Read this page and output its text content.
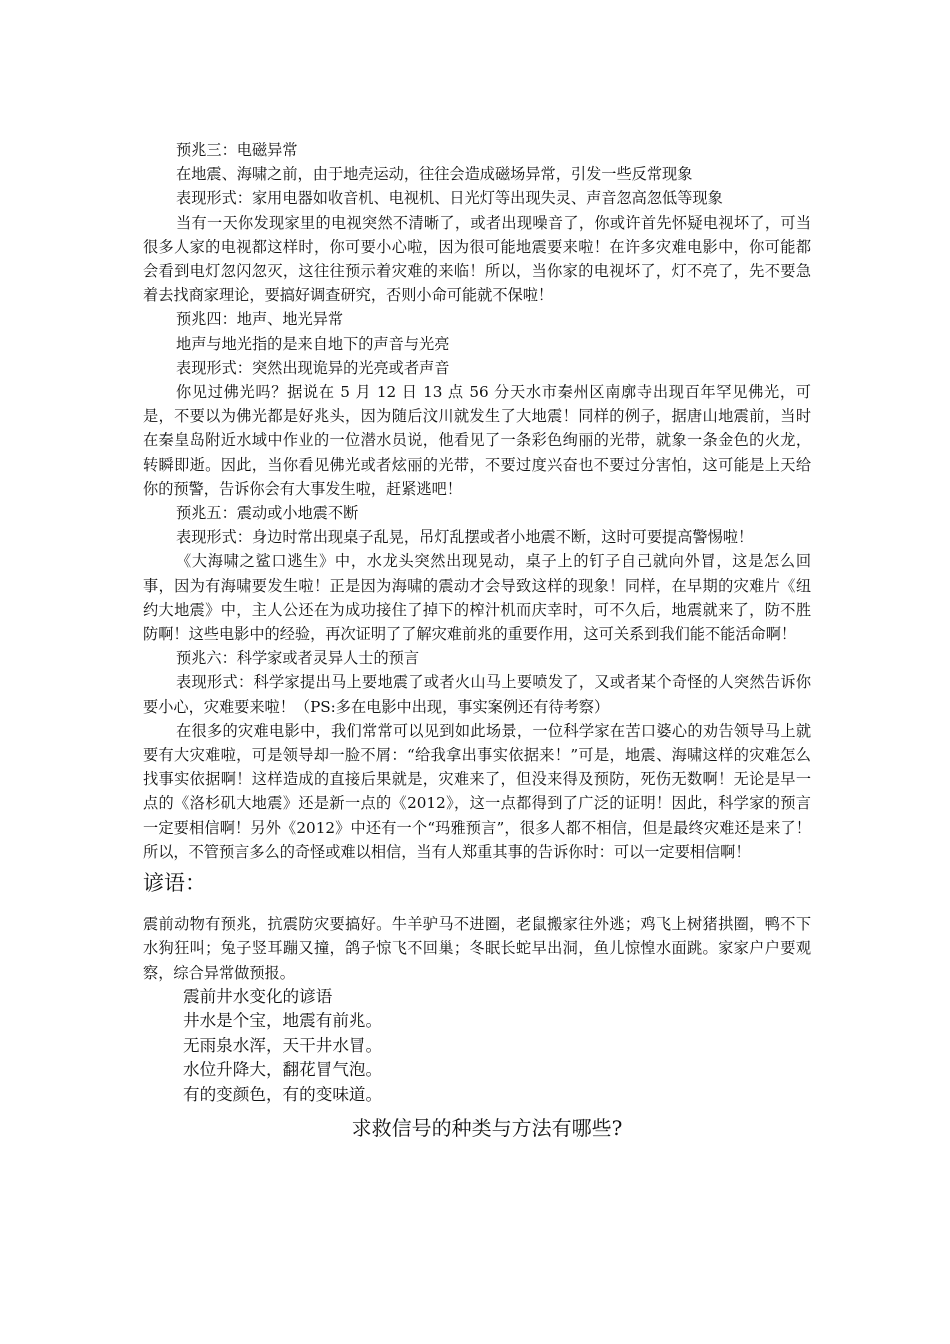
预兆三：电磁异常

在地震、海啸之前，由于地壳运动，往往会造成磁场异常，引发一些反常现象

表现形式：家用电器如收音机、电视机、日光灯等出现失灵、声音忽高忽低等现象

当有一天你发现家里的电视突然不清晰了，或者出现噪音了，你或许首先怀疑电视坏了，可当很多人家的电视都这样时，你可要小心啦，因为很可能地震要来啦！在许多灾难电影中，你可能都会看到电灯忽闪忽灭，这往往预示着灾难的来临！所以，当你家的电视坏了，灯不亮了，先不要急着去找商家理论，要搞好调查研究，否则小命可能就不保啦！

预兆四：地声、地光异常

地声与地光指的是来自地下的声音与光亮

表现形式：突然出现诡异的光亮或者声音

你见过佛光吗？据说在 5 月 12 日 13 点 56 分天水市秦州区南廓寺出现百年罕见佛光，可是，不要以为佛光都是好兆头，因为随后汶川就发生了大地震！同样的例子，据唐山地震前，当时在秦皇岛附近水域中作业的一位潜水员说，他看见了一条彩色绚丽的光带，就象一条金色的火龙，转瞬即逝。因此，当你看见佛光或者炫丽的光带，不要过度兴奋也不要过分害怕，这可能是上天给你的预警，告诉你会有大事发生啦，赶紧逃吧！

预兆五：震动或小地震不断

表现形式：身边时常出现桌子乱晃，吊灯乱摆或者小地震不断，这时可要提高警惕啦！

《大海啸之鲨口逃生》中，水龙头突然出现晃动，桌子上的钉子自己就向外冒，这是怎么回事，因为有海啸要发生啦！正是因为海啸的震动才会导致这样的现象！同样，在早期的灾难片《纽约大地震》中，主人公还在为成功接住了掉下的榨汁机而庆幸时，可不久后，地震就来了，防不胜防啊！这些电影中的经验，再次证明了了解灾难前兆的重要作用，这可关系到我们能不能活命啊！

预兆六：科学家或者灵异人士的预言

表现形式：科学家提出马上要地震了或者火山马上要喷发了，又或者某个奇怪的人突然告诉你要小心，灾难要来啦！（PS:多在电影中出现，事实案例还有待考察）

在很多的灾难电影中，我们常常可以见到如此场景，一位科学家在苦口婆心的劝告领导马上就要有大灾难啦，可是领导却一脸不屑：“给我拿出事实依据来！”可是，地震、海啸这样的灾难怎么找事实依据啊！这样造成的直接后果就是，灾难来了，但没来得及预防，死伤无数啊！无论是早一点的《洛杉矶大地震》还是新一点的《2012》，这一点都得到了广泛的证明！因此，科学家的预言一定要相信啊！另外《2012》中还有一个“玛雅预言”，很多人都不相信，但是最终灾难还是来了！所以，不管预言多么的奇怪或难以相信，当有人郑重其事的告诉你时：可以一定要相信啊！

谚语：

震前动物有预兆，抗震防灾要搞好。牛羊驴马不进圈，老鼠搬家往外逃；鸡飞上树猪拱圈，鸭不下水狗狂叫；兔子竖耳蹦又撞，鸽子惊飞不回巢；冬眠长蛇早出洞，鱼儿惊惶水面跳。家家户户要观察，综合异常做预报。

震前井水变化的谚语

井水是个宝，地震有前兆。

无雨泉水浑，天干井水冒。

水位升降大，翻花冒气泡。

有的变颜色，有的变味道。

求救信号的种类与方法有哪些?
